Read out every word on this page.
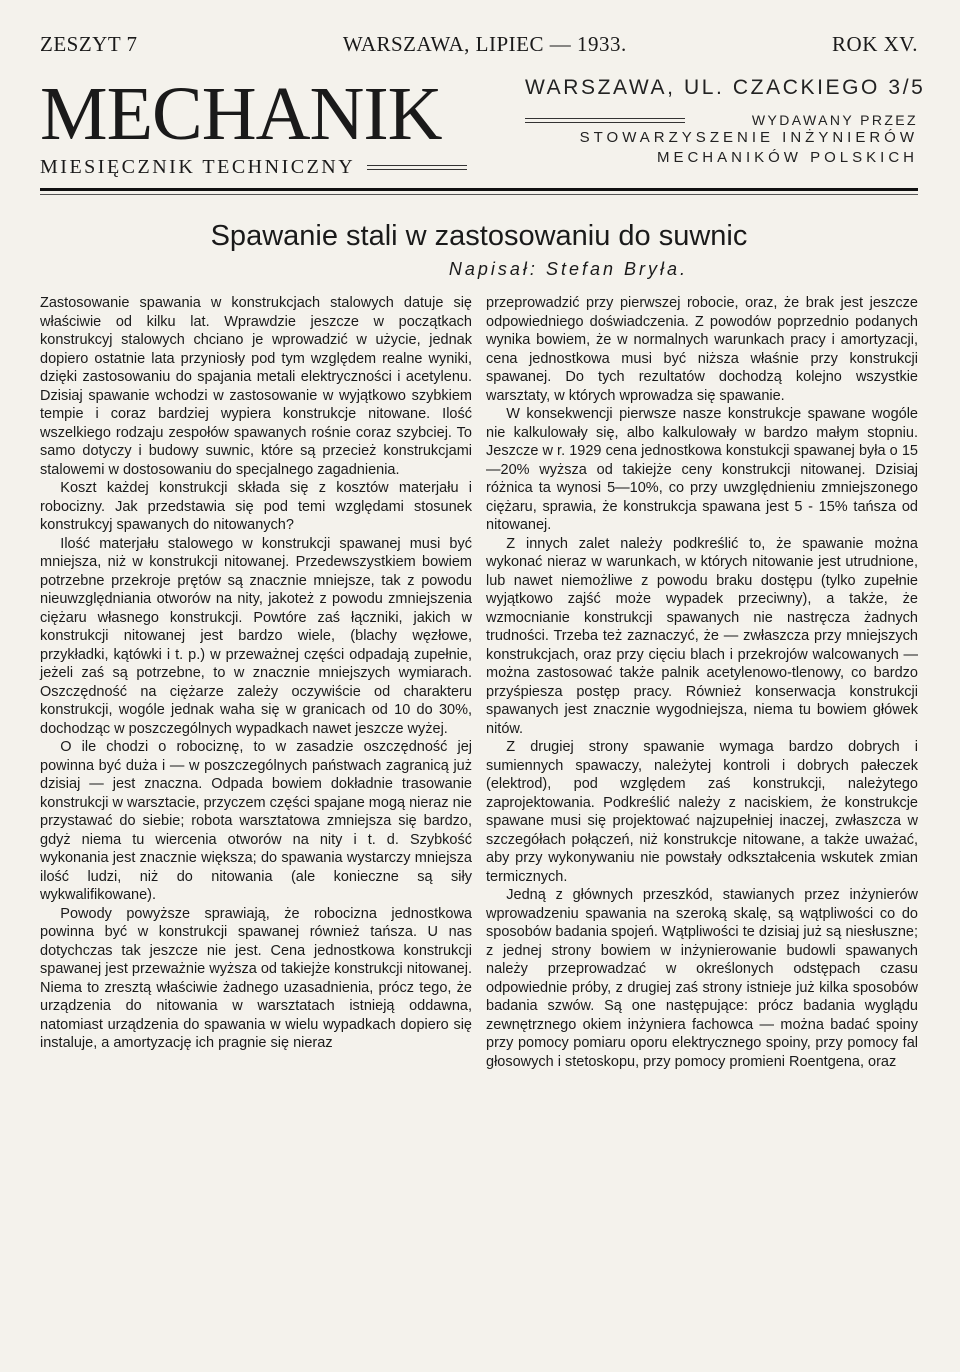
ZESZYT 7	WARSZAWA, LIPIEC — 1933.	ROK XV.
MECHANIK
MIESIĘCZNIK TECHNICZNY
WARSZAWA, UL. CZACKIEGO 3/5
WYDAWANY PRZEZ
STOWARZYSZENIE INŻYNIERÓW
MECHANIKÓW POLSKICH
Spawanie stali w zastosowaniu do suwnic
Napisał: Stefan Bryła.

Zastosowanie spawania w konstrukcjach stalowych datuje się właściwie od kilku lat. Wprawdzie jeszcze w początkach konstrukcyj stalowych chciano je wprowadzić w użycie, jednak dopiero ostatnie lata przyniosły pod tym względem realne wyniki, dzięki zastosowaniu do spajania metali elektryczności i acetylenu. Dzisiaj spawanie wchodzi w zastosowanie w wyjątkowo szybkiem tempie i coraz bardziej wypiera konstrukcje nitowane. Ilość wszelkiego rodzaju zespołów spawanych rośnie coraz szybciej. To samo dotyczy i budowy suwnic, które są przecież konstrukcjami stalowemi w dostosowaniu do specjalnego zagadnienia.

Koszt każdej konstrukcji składa się z kosztów materjału i robocizny. Jak przedstawia się pod temi względami stosunek konstrukcyj spawanych do nitowanych?

Ilość materjału stalowego w konstrukcji spawanej musi być mniejsza, niż w konstrukcji nitowanej. Przedewszystkiem bowiem potrzebne przekroje prętów są znacznie mniejsze, tak z powodu nieuwzględniania otworów na nity, jakoteż z powodu zmniejszenia ciężaru własnego konstrukcji. Powtóre zaś łączniki, jakich w konstrukcji nitowanej jest bardzo wiele, (blachy węzłowe, przykładki, kątówki i t. p.) w przeważnej części odpadają zupełnie, jeżeli zaś są potrzebne, to w znacznie mniejszych wymiarach. Oszczędność na ciężarze zależy oczywiście od charakteru konstrukcji, wogóle jednak waha się w granicach od 10 do 30%, dochodząc w poszczególnych wypadkach nawet jeszcze wyżej.

O ile chodzi o robociznę, to w zasadzie oszczędność jej powinna być duża i — w poszczególnych państwach zagranicą już dzisiaj — jest znaczna. Odpada bowiem dokładnie trasowanie konstrukcji w warsztacie, przyczem części spajane mogą nieraz nie przystawać do siebie; robota warsztatowa zmniejsza się bardzo, gdyż niema tu wiercenia otworów na nity i t. d. Szybkość wykonania jest znacznie większa; do spawania wystarczy mniejsza ilość ludzi, niż do nitowania (ale konieczne są siły wykwalifikowane).

Powody powyższe sprawiają, że robocizna jednostkowa powinna być w konstrukcji spawanej również tańsza. U nas dotychczas tak jeszcze nie jest. Cena jednostkowa konstrukcji spawanej jest przeważnie wyższa od takiejże konstrukcji nitowanej. Niema to zresztą właściwie żadnego uzasadnienia, prócz tego, że urządzenia do nitowania w warsztatach istnieją oddawna, natomiast urządzenia do spawania w wielu wypadkach dopiero się instaluje, a amortyzację ich pragnie się nieraz

przeprowadzić przy pierwszej robocie, oraz, że brak jest jeszcze odpowiedniego doświadczenia. Z powodów poprzednio podanych wynika bowiem, że w normalnych warunkach pracy i amortyzacji, cena jednostkowa musi być niższa właśnie przy konstrukcji spawanej. Do tych rezultatów dochodzą kolejno wszystkie warsztaty, w których wprowadza się spawanie.

W konsekwencji pierwsze nasze konstrukcje spawane wogóle nie kalkulowały się, albo kalkulowały w bardzo małym stopniu. Jeszcze w r. 1929 cena jednostkowa konstukcji spawanej była o 15—20% wyższa od takiejże ceny konstrukcji nitowanej. Dzisiaj różnica ta wynosi 5—10%, co przy uwzględnieniu zmniejszonego ciężaru, sprawia, że konstrukcja spawana jest 5 - 15% tańsza od nitowanej.

Z innych zalet należy podkreślić to, że spawanie można wykonać nieraz w warunkach, w których nitowanie jest utrudnione, lub nawet niemożliwe z powodu braku dostępu (tylko zupełnie wyjątkowo zajść może wypadek przeciwny), a także, że wzmocnianie konstrukcji spawanych nie nastręcza żadnych trudności. Trzeba też zaznaczyć, że — zwłaszcza przy mniejszych konstrukcjach, oraz przy cięciu blach i przekrojów walcowanych — można zastosować także palnik acetylenowo-tlenowy, co bardzo przyśpiesza postęp pracy. Również konserwacja konstrukcji spawanych jest znacznie wygodniejsza, niema tu bowiem główek nitów.

Z drugiej strony spawanie wymaga bardzo dobrych i sumiennych spawaczy, należytej kontroli i dobrych pałeczek (elektrod), pod względem zaś konstrukcji, należytego zaprojektowania. Podkreślić należy z naciskiem, że konstrukcje spawane musi się projektować najzupełniej inaczej, zwłaszcza w szczegółach połączeń, niż konstrukcje nitowane, a także uważać, aby przy wykonywaniu nie powstały odkształcenia wskutek zmian termicznych.

Jedną z głównych przeszkód, stawianych przez inżynierów wprowadzeniu spawania na szeroką skalę, są wątpliwości co do sposobów badania spojeń. Wątpliwości te dzisiaj już są niesłuszne; z jednej strony bowiem w inżynierowanie budowli spawanych należy przeprowadzać w określonych odstępach czasu odpowiednie próby, z drugiej zaś strony istnieje już kilka sposobów badania szwów. Są one następujące: prócz badania wyglądu zewnętrznego okiem inżyniera fachowca — można badać spoiny przy pomocy pomiaru oporu elektrycznego spoiny, przy pomocy fal głosowych i stetoskopu, przy pomocy promieni Roentgena, oraz
